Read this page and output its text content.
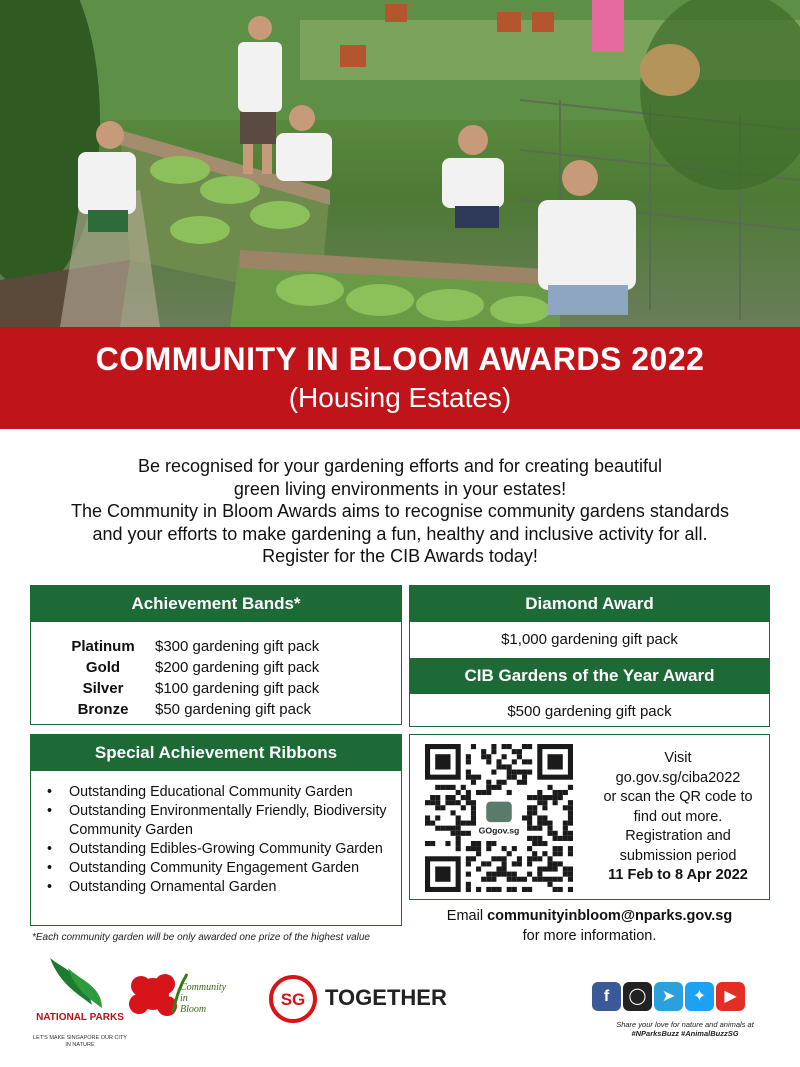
COMMUNITY IN BLOOM AWARDS 2022
(Housing Estates)
Be recognised for your gardening efforts and for creating beautiful
green living environments in your estates!
The Community in Bloom Awards aims to recognise community gardens standards
and your efforts to make gardening a fun, healthy and inclusive activity for all.
Register for the CIB Awards today!
Achievement Bands*
Platinum	$300 gardening gift pack
Gold	$200 gardening gift pack
Silver	$100 gardening gift pack
Bronze	$50 gardening gift pack
Diamond Award
$1,000 gardening gift pack
CIB Gardens of the Year Award
$500 gardening gift pack
Special Achievement Ribbons
• Outstanding Educational Community Garden
• Outstanding Environmentally Friendly, Biodiversity Community Garden
• Outstanding Edibles-Growing Community Garden
• Outstanding Community Engagement Garden
• Outstanding Ornamental Garden
GOgov.sg
Visit
go.gov.sg/ciba2022
or scan the QR code to
find out more.
Registration and
submission period
11 Feb to 8 Apr 2022
Email communityinbloom@nparks.gov.sg
for more information.
*Each community garden will be only awarded one prize of the highest value
NATIONAL PARKS
LET'S MAKE SINGAPORE OUR CITY IN NATURE
Community
in
Bloom
SG TOGETHER	f ◯ ➤ ✦ ▶
Share your love for nature and animals at
#NParksBuzz #AnimalBuzzSG
